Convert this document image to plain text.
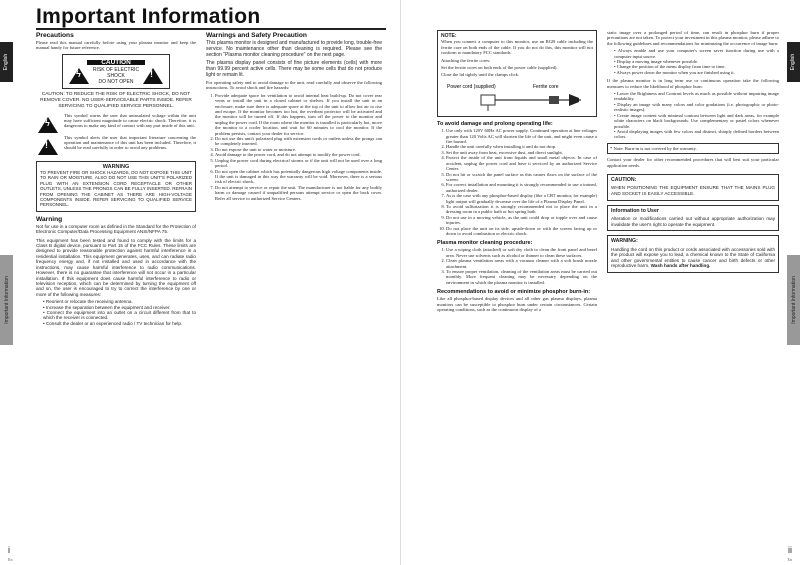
English
Important Information
Important Information
Precautions

Please read this manual carefully before using your plasma monitor and keep the manual handy for future reference.

CAUTION
ϟ	RISK OF ELECTRIC SHOCK
DO NOT OPEN
!

CAUTION: TO REDUCE THE RISK OF ELECTRIC SHOCK, DO NOT REMOVE COVER. NO USER-SERVICEABLE PARTS INSIDE. REFER SERVICING TO QUALIFIED SERVICE PERSONNEL.

ϟ

This symbol warns the user that uninsulated voltage within the unit may have sufficient magnitude to cause electric shock. Therefore, it is dangerous to make any kind of contact with any part inside of this unit.

!

This symbol alerts the user that important literature concerning the operation and maintenance of this unit has been included. Therefore, it should be read carefully in order to avoid any problems.

WARNING
TO PREVENT FIRE OR SHOCK HAZARDS, DO NOT EXPOSE THIS UNIT TO RAIN OR MOISTURE. ALSO DO NOT USE THIS UNIT'S POLARIZED PLUG WITH AN EXTENSION CORD RECEPTACLE OR OTHER OUTLETS, UNLESS THE PRONGS CAN BE FULLY INSERTED. REFRAIN FROM OPENING THE CABINET AS THERE ARE HIGH-VOLTAGE COMPONENTS INSIDE. REFER SERVICING TO QUALIFIED SERVICE PERSONNEL.
Warning

Not for use in a computer room as defined in the Standard for the Protection of Electronic Computer/Data Processing Equipment ANSI/NFPA 75.

This equipment has been tested and found to comply with the limits for a Class B digital device, pursuant to Part 15 of the FCC Rules. These limits are designed to provide reasonable protection against harmful interference in a residential installation. This equipment generates, uses, and can radiate radio frequency energy and, if not installed and used in accordance with the instructions, may cause harmful interference to radio communications. However, there is no guarantee that interference will not occur in a particular installation. If this equipment does cause harmful interference to radio or television reception, which can be determined by turning the equipment off and on, the user is encouraged to try to correct the interference by one or more of the following measures:

• Reorient or relocate the receiving antenna.
• Increase the separation between the equipment and receiver.
• Connect the equipment into an outlet on a circuit different from that to which the receiver is connected.
• Consult the dealer or an experienced radio / TV technician for help.
Warnings and Safety Precaution

This plasma monitor is designed and manufactured to provide long, trouble-free service. No maintenance other than cleaning is required. Please see the section "Plasma monitor cleaning procedure" on the next page.

The plasma display panel consists of fine picture elements (cells) with more than 99.99 percent active cells. There may be some cells that do not produce light or remain lit.

For operating safety and to avoid damage to the unit, read carefully and observe the following instructions. To avoid shock and fire hazards:

1. Provide adequate space for ventilation to avoid internal heat build-up. Do not cover rear vents or install the unit in a closed cabinet or shelves. If you install the unit in an enclosure, make sure there is adequate space at the top of the unit to allow hot air to rise and escape. If the monitor becomes too hot, the overheat protector will be activated and the monitor will be turned off. If this happens, turn off the power to the monitor and unplug the power cord. If the room where the monitor is installed is particularly hot, move the monitor to a cooler location, and wait for 60 minutes to cool the monitor. If the problem persists, contact your dealer for service.
2. Do not use this unit's polarized plug with extension cords or outlets unless the prongs can be completely inserted.
3. Do not expose the unit to water or moisture.
4. Avoid damage to the power cord, and do not attempt to modify the power cord.
5. Unplug the power cord during electrical storms or if the unit will not be used over a long period.
6. Do not open the cabinet which has potentially dangerous high voltage components inside. If the unit is damaged in this way the warranty will be void. Moreover, there is a serious risk of electric shock.
7. Do not attempt to service or repair the unit. The manufacturer is not liable for any bodily harm or damage caused if unqualified persons attempt service or open the back cover. Refer all service to authorized Service Centers.
i
En
English
Important Information
NOTE:

When you connect a computer to this monitor, use an RGB cable including the ferrite core on both ends of the cable. If you do not do this, this monitor will not conform to mandatory FCC standards.

Attaching the ferrite cores:

Set the ferrite cores on both ends of the power cable (supplied).

Close the lid tightly until the clamps click.

Power cord (supplied)	Ferrite core
To avoid damage and prolong operating life:
1. Use only with 120V 60Hz AC power supply. Continued operation at line voltages greater than 120 Volts AC will shorten the life of the unit, and might even cause a fire hazard.
2. Handle the unit carefully when installing it and do not drop.
3. Set the unit away from heat, excessive dust, and direct sunlight.
4. Protect the inside of the unit from liquids and small metal objects. In case of accident, unplug the power cord and have it serviced by an authorized Service Center.
5. Do not hit or scratch the panel surface as this causes flaws on the surface of the screen.
6. For correct installation and mounting it is strongly recommended to use a trained, authorized dealer.
7. As is the case with any phosphor-based display (like a CRT monitor, for example) light output will gradually decrease over the life of a Plasma Display Panel.
8. To avoid sulfurization it is strongly recommended not to place the unit in a dressing room in a public bath or hot spring bath.
9. Do not use in a moving vehicle, as the unit could drop or topple over and cause injuries.
10. Do not place the unit on its side, upside-down or with the screen facing up or down to avoid combustion or electric shock.
Plasma monitor cleaning procedure:
1. Use a wiping cloth (attached) or soft dry cloth to clean the front panel and bezel area. Never use solvents such as alcohol or thinner to clean these surfaces.
2. Clean plasma ventilation areas with a vacuum cleaner with a soft brush nozzle attachment.
3. To ensure proper ventilation, cleaning of the ventilation areas must be carried out monthly. More frequent cleaning may be necessary depending on the environment in which the plasma monitor is installed.
Recommendations to avoid or minimize phosphor burn-in:

Like all phosphor-based display devices and all other gas plasma displays, plasma monitors can be susceptible to phosphor burn under certain circumstances. Certain operating conditions, such as the continuous display of a

static image over a prolonged period of time, can result in phosphor burn if proper precautions are not taken. To protect your investment in this plasma monitor, please adhere to the following guidelines and recommendations for minimizing the occurrence of image burn:

• Always enable and use your computer's screen saver function during use with a computer input source.
• Display a moving image whenever possible.
• Change the position of the menu display from time to time.
• Always power down the monitor when you are finished using it.

If the plasma monitor is in long term use or continuous operation take the following measures to reduce the likelihood of phosphor burn:

• Lower the Brightness and Contrast levels as much as possible without impairing image readability.
• Display an image with many colors and color gradations (i.e. photographic or photo-realistic images).
• Create image content with minimal contrast between light and dark areas, for example white characters on black backgrounds. Use complementary or pastel colors whenever possible.
• Avoid displaying images with few colors and distinct, sharply defined borders between colors.
* Note: Burn-in is not covered by the warranty.

Contact your dealer for other recommended procedures that will best suit your particular application needs.

CAUTION:
WHEN POSITIONING THE EQUIPMENT ENSURE THAT THE MAINS PLUG AND SOCKET IS EASILY ACCESSIBLE.
Information to User
Alteration or modifications carried out without appropriate authorization may invalidate the user's right to operate the equipment.
WARNING:
Handling the cord on this product or cords associated with accessories sold with the product will expose you to lead, a chemical known to the State of California and other governmental entities to cause cancer and birth defects or other reproductive harm. Wash hands after handling.
ii
En
